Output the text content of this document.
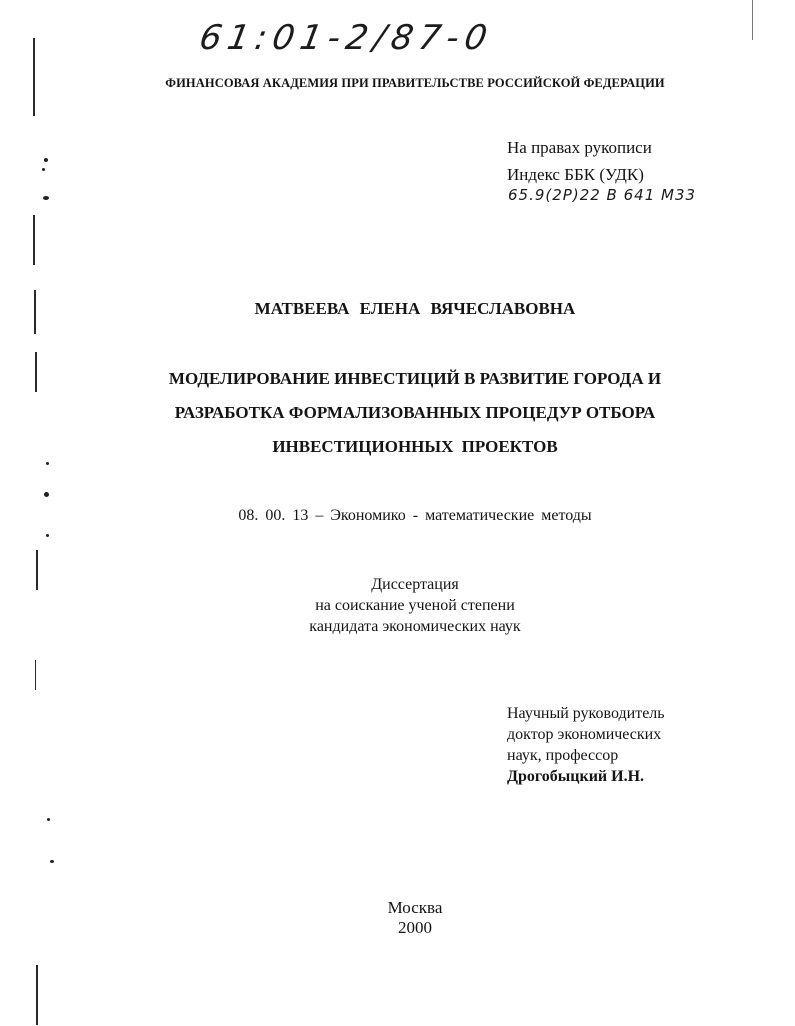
61:01-2/87-0
ФИНАНСОВАЯ АКАДЕМИЯ ПРИ ПРАВИТЕЛЬСТВЕ РОССИЙСКОЙ ФЕДЕРАЦИИ
На правах рукописи
Индекс ББК (УДК)
65.9(2Р)22 В 641 М33
МАТВЕЕВА ЕЛЕНА ВЯЧЕСЛАВОВНА
МОДЕЛИРОВАНИЕ ИНВЕСТИЦИЙ В РАЗВИТИЕ ГОРОДА И
РАЗРАБОТКА ФОРМАЛИЗОВАННЫХ ПРОЦЕДУР ОТБОРА
ИНВЕСТИЦИОННЫХ ПРОЕКТОВ
08. 00. 13 – Экономико - математические методы
Диссертация
на соискание ученой степени
кандидата экономических наук
Научный руководитель
доктор экономических
наук, профессор
Дрогобыцкий И.Н.
Москва
2000
